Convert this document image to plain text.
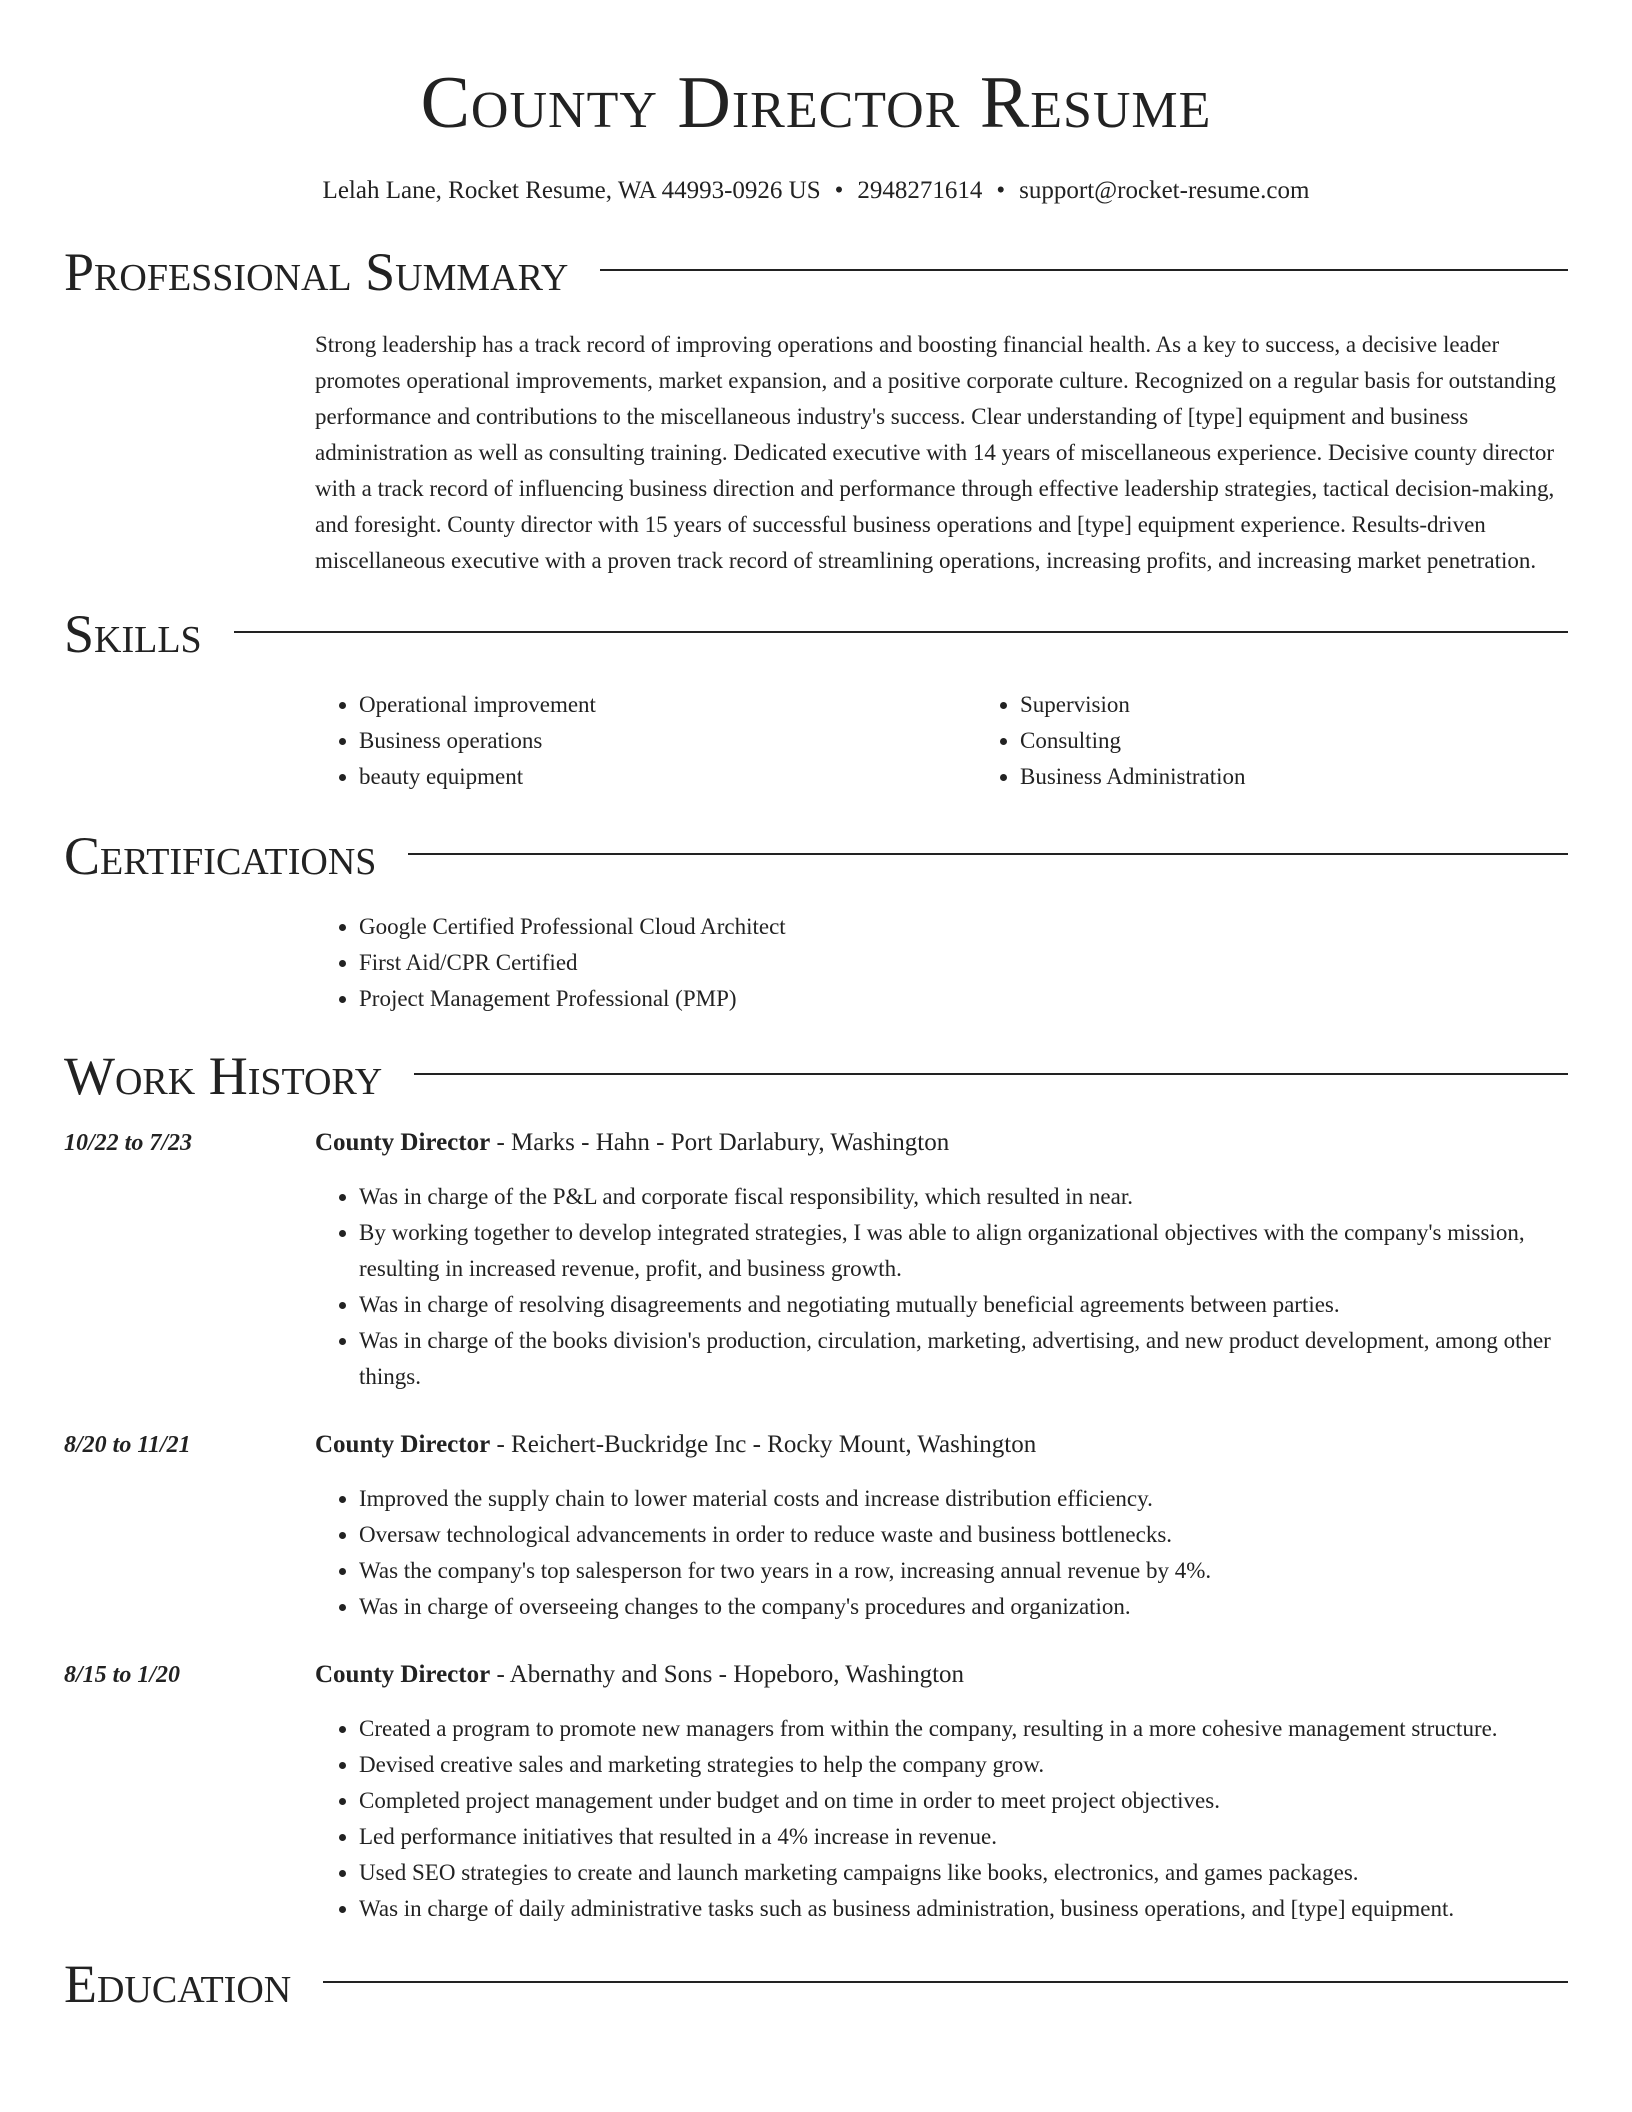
County Director Resume
Lelah Lane, Rocket Resume, WA 44993-0926 US • 2948271614 • support@rocket-resume.com
Professional Summary

Strong leadership has a track record of improving operations and boosting financial health. As a key to success, a decisive leader promotes operational improvements, market expansion, and a positive corporate culture. Recognized on a regular basis for outstanding performance and contributions to the miscellaneous industry's success. Clear understanding of [type] equipment and business administration as well as consulting training. Dedicated executive with 14 years of miscellaneous experience. Decisive county director with a track record of influencing business direction and performance through effective leadership strategies, tactical decision-making, and foresight. County director with 15 years of successful business operations and [type] equipment experience. Results-driven miscellaneous executive with a proven track record of streamlining operations, increasing profits, and increasing market penetration.

Skills
• Operational improvement
• Business operations
• beauty equipment
• Supervision
• Consulting
• Business Administration
Certifications
• Google Certified Professional Cloud Architect
• First Aid/CPR Certified
• Project Management Professional (PMP)
Work History
10/22 to 7/23	County Director - Marks - Hahn - Port Darlabury, Washington
• Was in charge of the P&L and corporate fiscal responsibility, which resulted in near.
• By working together to develop integrated strategies, I was able to align organizational objectives with the company's mission, resulting in increased revenue, profit, and business growth.
• Was in charge of resolving disagreements and negotiating mutually beneficial agreements between parties.
• Was in charge of the books division's production, circulation, marketing, advertising, and new product development, among other things.
8/20 to 11/21	County Director - Reichert-Buckridge Inc - Rocky Mount, Washington
• Improved the supply chain to lower material costs and increase distribution efficiency.
• Oversaw technological advancements in order to reduce waste and business bottlenecks.
• Was the company's top salesperson for two years in a row, increasing annual revenue by 4%.
• Was in charge of overseeing changes to the company's procedures and organization.
8/15 to 1/20	County Director - Abernathy and Sons - Hopeboro, Washington
• Created a program to promote new managers from within the company, resulting in a more cohesive management structure.
• Devised creative sales and marketing strategies to help the company grow.
• Completed project management under budget and on time in order to meet project objectives.
• Led performance initiatives that resulted in a 4% increase in revenue.
• Used SEO strategies to create and launch marketing campaigns like books, electronics, and games packages.
• Was in charge of daily administrative tasks such as business administration, business operations, and [type] equipment.
Education
